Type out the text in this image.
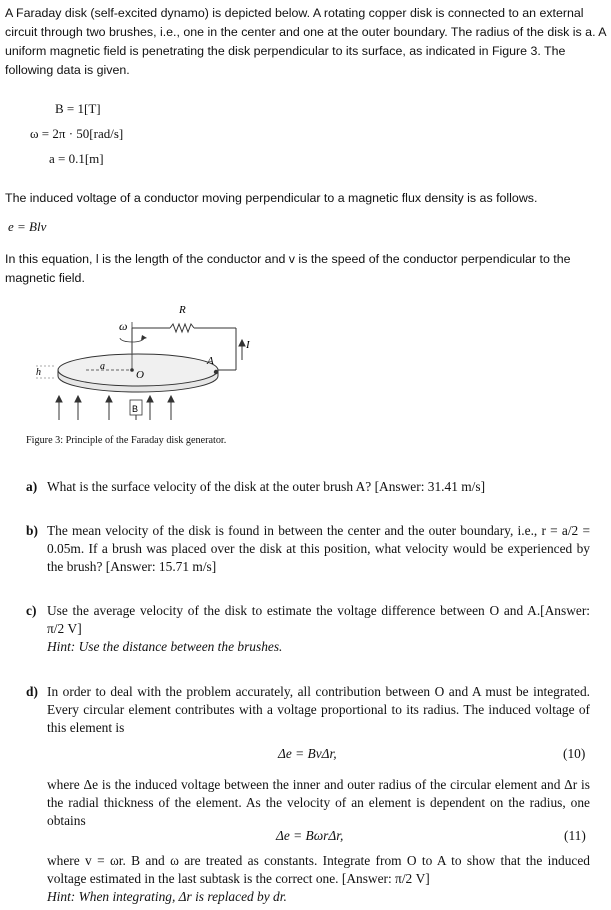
A Faraday disk (self-excited dynamo) is depicted below. A rotating copper disk is connected to an external circuit through two brushes, i.e., one in the center and one at the outer boundary. The radius of the disk is a. A uniform magnetic field is penetrating the disk perpendicular to its surface, as indicated in Figure 3. The following data is given.
B = 1[T]
ω = 2π · 50[rad/s]
a = 0.1[m]
The induced voltage of a conductor moving perpendicular to a magnetic flux density is as follows.
e = Blv
In this equation, l is the length of the conductor and v is the speed of the conductor perpendicular to the magnetic field.
R
ω
I
a
O
A
h
B
Figure 3: Principle of the Faraday disk generator.
a) What is the surface velocity of the disk at the outer brush A? [Answer: 31.41 m/s]
b) The mean velocity of the disk is found in between the center and the outer boundary, i.e., r = a/2 = 0.05m. If a brush was placed over the disk at this position, what velocity would be experienced by the brush? [Answer: 15.71 m/s]
c) Use the average velocity of the disk to estimate the voltage difference between O and A.[Answer: π/2 V]
Hint: Use the distance between the brushes.
d) In order to deal with the problem accurately, all contribution between O and A must be integrated. Every circular element contributes with a voltage proportional to its radius. The induced voltage of this element is
Δe = BvΔr,	(10)
where Δe is the induced voltage between the inner and outer radius of the circular element and Δr is the radial thickness of the element. As the velocity of an element is dependent on the radius, one obtains
Δe = BωrΔr,	(11)
where v = ωr. B and ω are treated as constants. Integrate from O to A to show that the induced voltage estimated in the last subtask is the correct one. [Answer: π/2 V]
Hint: When integrating, Δr is replaced by dr.
